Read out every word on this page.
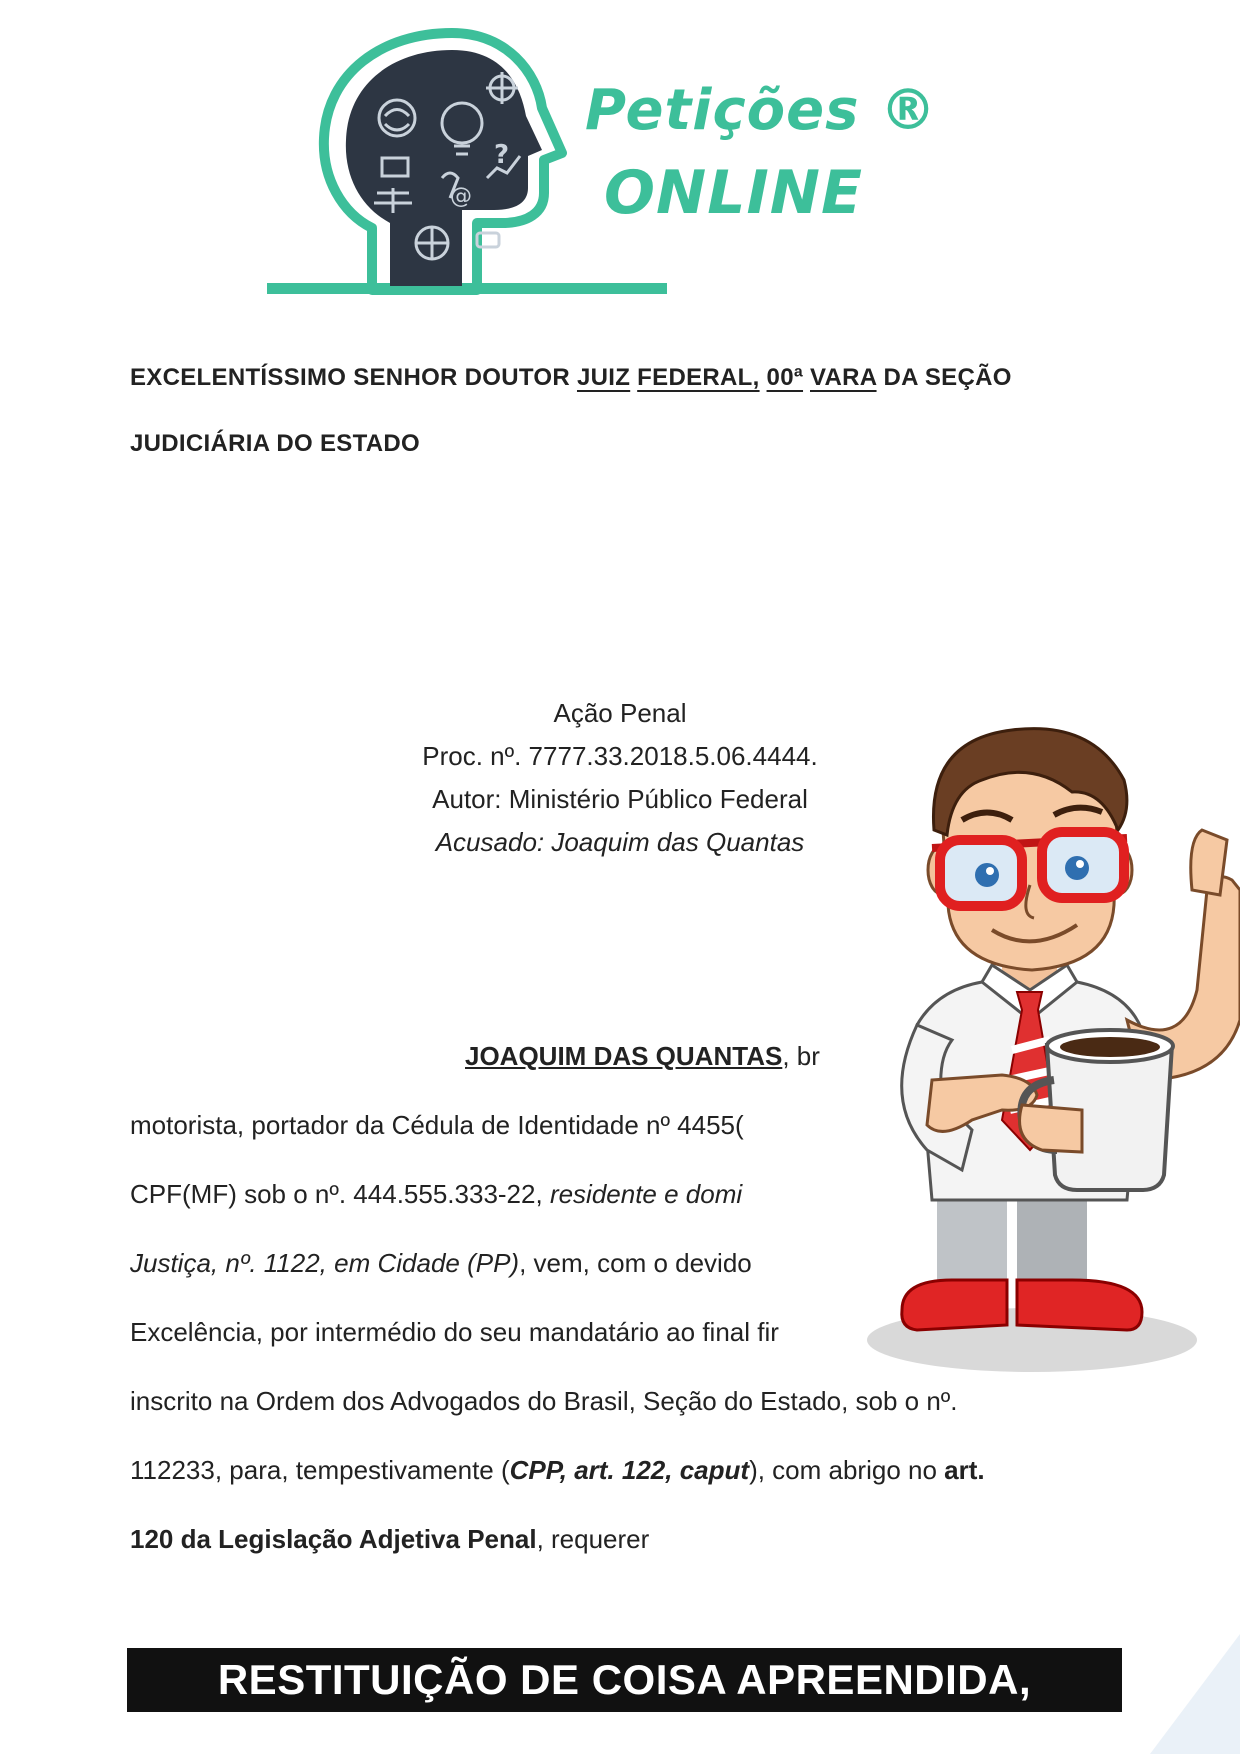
?
@
Petições ®
ONLINE
EXCELENTÍSSIMO SENHOR DOUTOR JUIZ FEDERAL, 00ª VARA DA SEÇÃO
JUDICIÁRIA DO ESTADO
Ação Penal
Proc. nº. 7777.33.2018.5.06.4444.
Autor: Ministério Público Federal
Acusado: Joaquim das Quantas
JOAQUIM DAS QUANTAS, br
motorista, portador da Cédula de Identidade nº 4455(
CPF(MF) sob o nº. 444.555.333-22, residente e domi
Justiça, nº. 1122, em Cidade (PP), vem, com o devido
Excelência, por intermédio do seu mandatário ao final fir
inscrito na Ordem dos Advogados do Brasil, Seção do Estado, sob o nº.
112233, para, tempestivamente (CPP, art. 122, caput), com abrigo no art.
120 da Legislação Adjetiva Penal, requerer
RESTITUIÇÃO DE COISA APREENDIDA,
